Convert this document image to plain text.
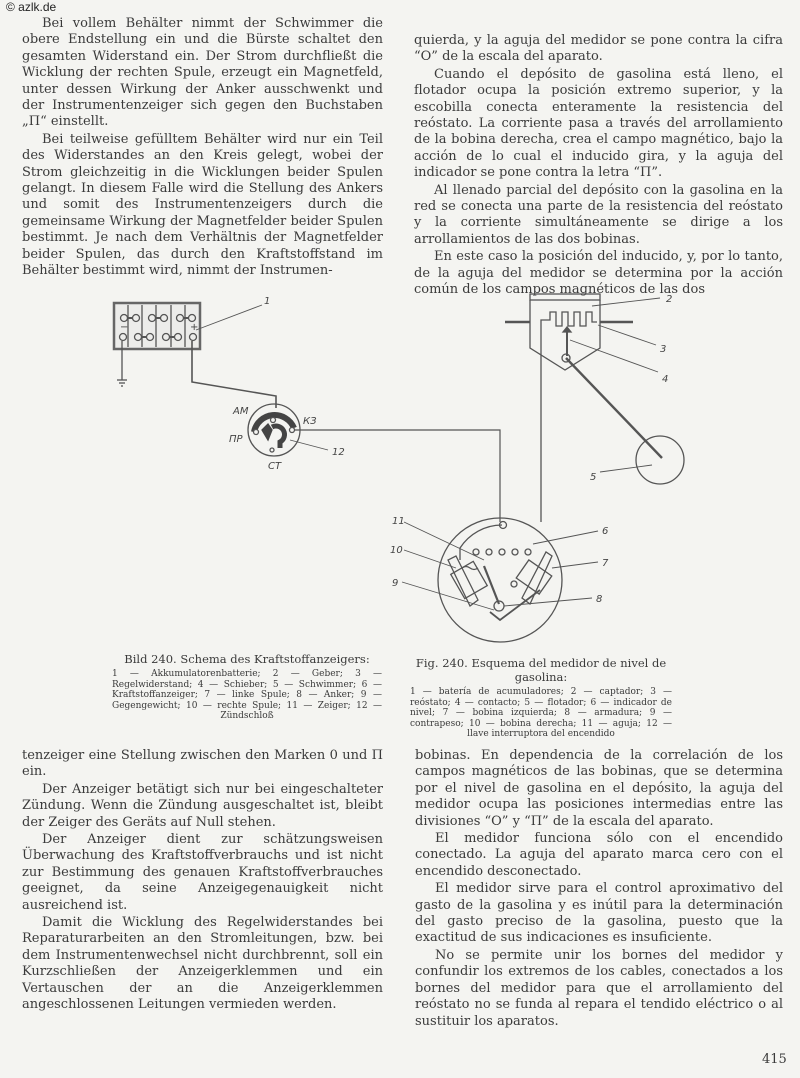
© azlk.de

Bei vollem Behälter nimmt der Schwimmer die obere Endstellung ein und die Bürste schaltet den gesamten Widerstand ein. Der Strom durchfließt die Wicklung der rechten Spule, erzeugt ein Magnetfeld, unter dessen Wirkung der Anker ausschwenkt und der Instrumentenzeiger sich gegen den Buchstaben „П“ einstellt.

Bei teilweise gefülltem Behälter wird nur ein Teil des Widerstandes an den Kreis gelegt, wobei der Strom gleichzeitig in die Wicklungen beider Spulen gelangt. In diesem Falle wird die Stellung des Ankers und somit des Instrumentenzeigers durch die gemeinsame Wirkung der Magnetfelder beider Spulen bestimmt. Je nach dem Verhältnis der Magnetfelder beider Spulen, das durch den Kraftstoffstand im Behälter bestimmt wird, nimmt der Instrumen-

quierda, y la aguja del medidor se pone contra la cifra “O” de la escala del aparato.

Cuando el depósito de gasolina está lleno, el flotador ocupa la posición extremo superior, y la escobilla conecta enteramente la resistencia del reóstato. La corriente pasa a través del arrollamiento de la bobina derecha, crea el campo magnético, bajo la acción de lo cual el inducido gira, y la aguja del indicador se pone contra la letra “П”.

Al llenado parcial del depósito con la gasolina en la red se conecta una parte de la resistencia del reóstato y la corriente simultáneamente se dirige a los arrollamientos de las dos bobinas.

En este caso la posición del inducido, y, por lo tanto, de la aguja del medidor se determina por la acción común de los campos magnéticos de las dos

−	+
1
AM
ПР
КЗ
СТ
12
2
3
4
5
6
7
8
9
10
11
Bild 240. Schema des Kraftstoffanzeigers:
1 — Akkumulatorenbatterie; 2 — Geber; 3 — Regelwiderstand; 4 — Schieber; 5 — Schwimmer; 6 — Kraftstoffanzeiger; 7 — linke Spule; 8 — Anker; 9 — Gegengewicht; 10 — rechte Spule; 11 — Zeiger; 12 — Zündschloß
Fig. 240. Esquema del medidor de nivel de gasolina:
1 — batería de acumuladores; 2 — captador; 3 — reóstato; 4 — contacto; 5 — flotador; 6 — indicador de nivel; 7 — bobina izquierda; 8 — armadura; 9 — contrapeso; 10 — bobina derecha; 11 — aguja; 12 — llave interruptora del encendido

tenzeiger eine Stellung zwischen den Marken 0 und П ein.

Der Anzeiger betätigt sich nur bei eingeschalteter Zündung. Wenn die Zündung ausgeschaltet ist, bleibt der Zeiger des Geräts auf Null stehen.

Der Anzeiger dient zur schätzungsweisen Überwachung des Kraftstoffverbrauchs und ist nicht zur Bestimmung des genauen Kraftstoffverbrauches geeignet, da seine Anzeigegenauigkeit nicht ausreichend ist.

Damit die Wicklung des Regelwiderstandes bei Reparaturarbeiten an den Stromleitungen, bzw. bei dem Instrumentenwechsel nicht durchbrennt, soll ein Kurzschließen der Anzeigerklemmen und ein Vertauschen der an die Anzeigerklemmen angeschlossenen Leitungen vermieden werden.

bobinas. En dependencia de la correlación de los campos magnéticos de las bobinas, que se determina por el nivel de gasolina en el depósito, la aguja del medidor ocupa las posiciones intermedias entre las divisiones “O” y “П” de la escala del aparato.

El medidor funciona sólo con el encendido conectado. La aguja del aparato marca cero con el encendido desconectado.

El medidor sirve para el control aproximativo del gasto de la gasolina y es inútil para la determinación del gasto preciso de la gasolina, puesto que la exactitud de sus indicaciones es insuficiente.

No se permite unir los bornes del medidor y confundir los extremos de los cables, conectados a los bornes del medidor para que el arrollamiento del reóstato no se funda al repara el tendido eléctrico o al sustituir los aparatos.

415
